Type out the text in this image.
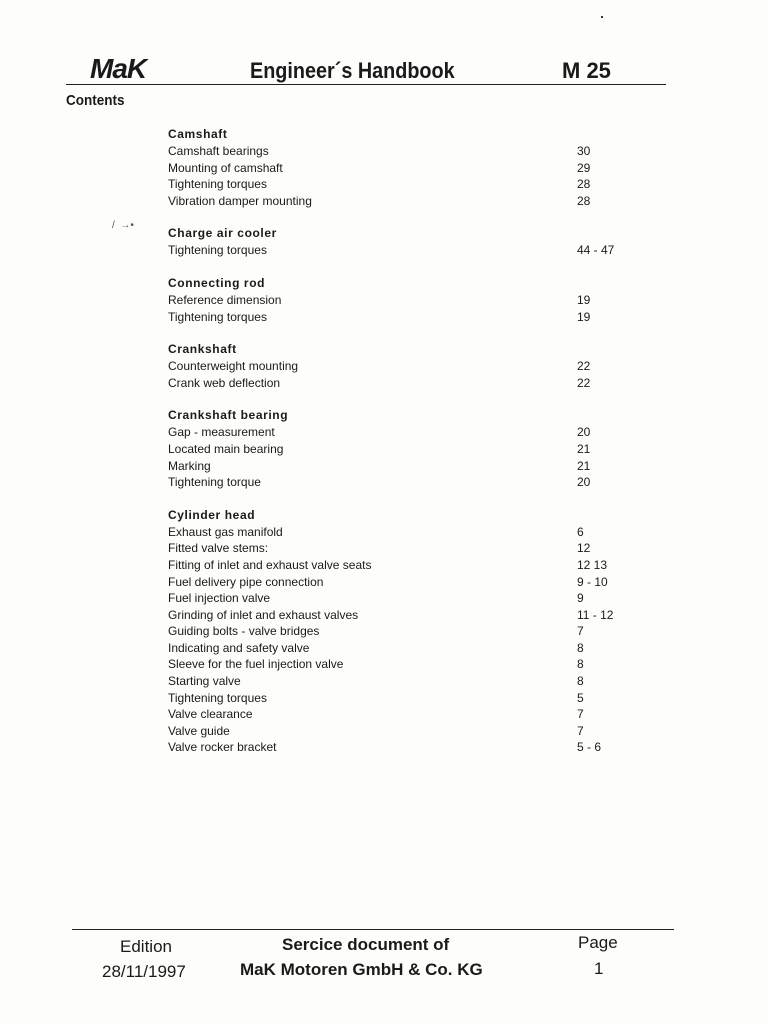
MaK	Engineer´s Handbook	M 25
Contents
/  →•
Camshaft
Camshaft bearings	30
Mounting of camshaft	29
Tightening torques	28
Vibration damper mounting	28
Charge air cooler
Tightening torques	44 - 47
Connecting rod
Reference dimension	19
Tightening torques	19
Crankshaft
Counterweight mounting	22
Crank web deflection	22
Crankshaft bearing
Gap - measurement	20
Located main bearing	21
Marking	21
Tightening torque	20
Cylinder head
Exhaust gas manifold	6
Fitted valve stems:	12
Fitting of inlet and exhaust valve seats	12 13
Fuel delivery pipe connection	9 - 10
Fuel injection valve	9
Grinding of inlet and exhaust valves	11 - 12
Guiding bolts - valve bridges	7
Indicating and safety valve	8
Sleeve for the fuel injection valve	8
Starting valve	8
Tightening torques	5
Valve clearance	7
Valve guide	7
Valve rocker bracket	5 - 6
Edition
28/11/1997
Sercice document of
MaK Motoren GmbH & Co. KG
Page
1
